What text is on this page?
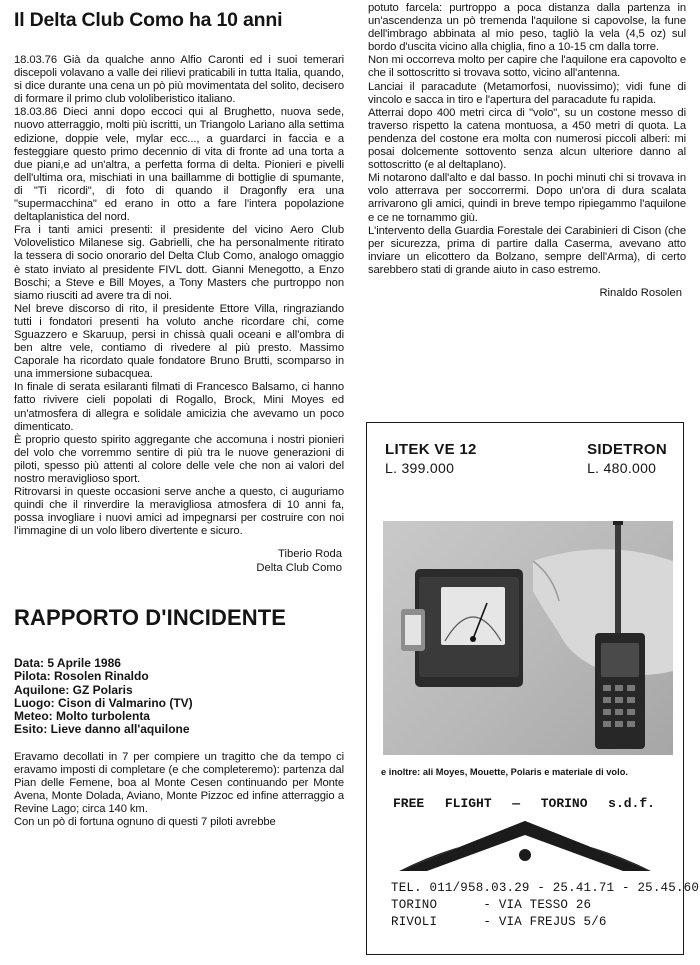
Il Delta Club Como ha 10 anni

18.03.76 Già da qualche anno Alfio Caronti ed i suoi temerari discepoli volavano a valle dei rilievi praticabili in tutta Italia, quando, si dice durante una cena un pò più movimentata del solito, decisero di formare il primo club vololiberistico italiano.

18.03.86 Dieci anni dopo eccoci qui al Brughetto, nuova sede, nuovo atterraggio, molti più iscritti, un Triangolo Lariano alla settima edizione, doppie vele, mylar ecc..., a guardarci in faccia e a festeggiare questo primo decennio di vita di fronte ad una torta a due piani,e ad un'altra, a perfetta forma di delta. Pionieri e pivelli dell'ultima ora, mischiati in una baillamme di bottiglie di spumante, di "Ti ricordi", di foto di quando il Dragonfly era una "supermacchina" ed erano in otto a fare l'intera popolazione deltaplanistica del nord.

Fra i tanti amici presenti: il presidente del vicino Aero Club Volovelistico Milanese sig. Gabrielli, che ha personalmente ritirato la tessera di socio onorario del Delta Club Como, analogo omaggio è stato inviato al presidente FIVL dott. Gianni Menegotto, a Enzo Boschi; a Steve e Bill Moyes, a Tony Masters che purtroppo non siamo riusciti ad avere tra di noi.

Nel breve discorso di rito, il presidente Ettore Villa, ringraziando tutti i fondatori presenti ha voluto anche ricordare chi, come Sguazzero e Skaruup, persi in chissà quali oceani e all'ombra di ben altre vele, contiamo di rivedere al più presto. Massimo Caporale ha ricordato quale fondatore Bruno Brutti, scomparso in una immersione subacquea.

In finale di serata esilaranti filmati di Francesco Balsamo, ci hanno fatto rivivere cieli popolati di Rogallo, Brock, Mini Moyes ed un'atmosfera di allegra e solidale amicizia che avevamo un poco dimenticato.

È proprio questo spirito aggregante che accomuna i nostri pionieri del volo che vorremmo sentire di più tra le nuove generazioni di piloti, spesso più attenti al colore delle vele che non ai valori del nostro meraviglioso sport.

Ritrovarsi in queste occasioni serve anche a questo, ci auguriamo quindi che il rinverdire la meravigliosa atmosfera di 10 anni fa, possa invogliare i nuovi amici ad impegnarsi per costruire con noi l'immagine di un volo libero divertente e sicuro.

Tiberio Roda
Delta Club Como
RAPPORTO D'INCIDENTE
Data: 5 Aprile 1986
Pilota: Rosolen Rinaldo
Aquilone: GZ Polaris
Luogo: Cison di Valmarino (TV)
Meteo: Molto turbolenta
Esito: Lieve danno all'aquilone

Eravamo decollati in 7 per compiere un tragitto che da tempo ci eravamo imposti di completare (e che completeremo): partenza dal Pian delle Femene, boa al Monte Cesen continuando per Monte Avena, Monte Dolada, Aviano, Monte Pizzoc ed infine atterraggio a Revine Lago; circa 140 km.

Con un pò di fortuna ognuno di questi 7 piloti avrebbe

potuto farcela: purtroppo a poca distanza dalla partenza in un'ascendenza un pò tremenda l'aquilone si capovolse, la fune dell'imbrago abbinata al mio peso, tagliò la vela (4,5 oz) sul bordo d'uscita vicino alla chiglia, fino a 10-15 cm dalla torre.

Non mi occorreva molto per capire che l'aquilone era capovolto e che il sottoscritto si trovava sotto, vicino all'antenna.

Lanciai il paracadute (Metamorfosi, nuovissimo); vidi fune di vincolo e sacca in tiro e l'apertura del paracadute fu rapida.

Atterrai dopo 400 metri circa di "volo", su un costone messo di traverso rispetto la catena montuosa, a 450 metri di quota. La pendenza del costone era molta con numerosi piccoli alberi: mi posai dolcemente sottovento senza alcun ulteriore danno al sottoscritto (e al deltaplano).

Mi notarono dall'alto e dal basso. In pochi minuti chi si trovava in volo atterrava per soccorrermi. Dopo un'ora di dura scalata arrivarono gli amici, quindi in breve tempo ripiegammo l'aquilone e ce ne tornammo giù.

L'intervento della Guardia Forestale dei Carabinieri di Cison (che per sicurezza, prima di partire dalla Caserma, avevano atto inviare un elicottero da Bolzano, sempre dell'Arma), di certo sarebbero stati di grande aiuto in caso estremo.

Rinaldo Rosolen
LITEK VE 12
L. 399.000
SIDETRON
L. 480.000
e inoltre: ali Moyes, Mouette, Polaris e materiale di volo.
FREE FLIGHT — TORINO s.d.f.
TEL. 011/958.03.29 - 25.41.71 - 25.45.60
TORINO      - VIA TESSO 26
RIVOLI      - VIA FREJUS 5/6
